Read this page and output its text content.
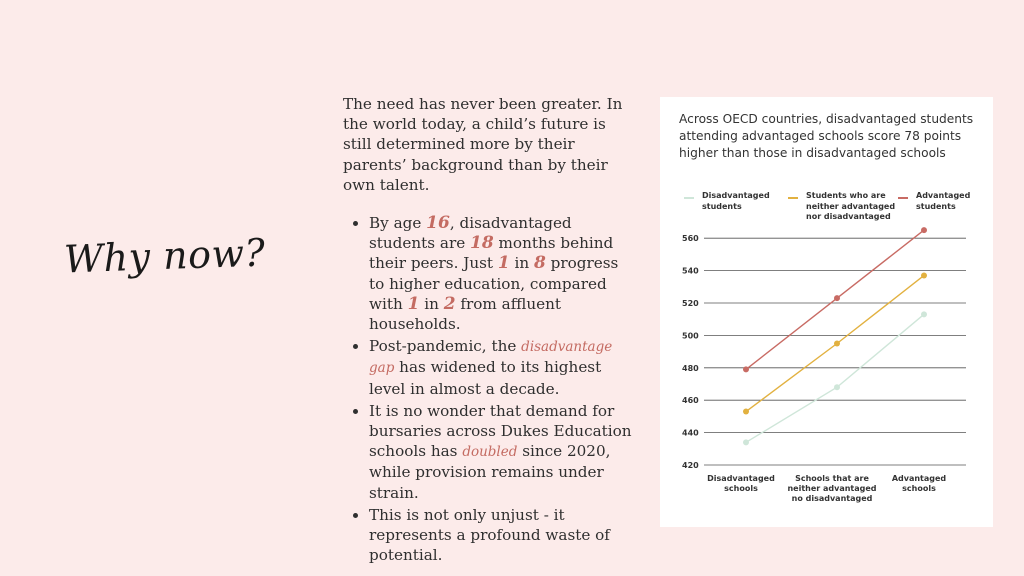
Why now?

The need has never been greater. In the world today, a child’s future is still determined more by their parents’ background than by their own talent.

• By age 16, disadvantaged students are 18 months behind their peers. Just 1 in 8 progress to higher education, compared with 1 in 2 from affluent households.
• Post-pandemic, the disadvantage gap has widened to its highest level in almost a decade.
• It is no wonder that demand for bursaries across Dukes Education schools has doubled since 2020, while provision remains under strain.
• This is not only unjust - it represents a profound waste of potential.
Across OECD countries, disadvantaged students attending advantaged schools score 78 points higher than those in disadvantaged schools
Disadvantaged students
Students who are neither advantaged nor disadvantaged
Advantaged students
560
540
520
500
480
460
440
420
Disadvantaged schools
Schools that are neither advantaged no disadvantaged
Advantaged schools
